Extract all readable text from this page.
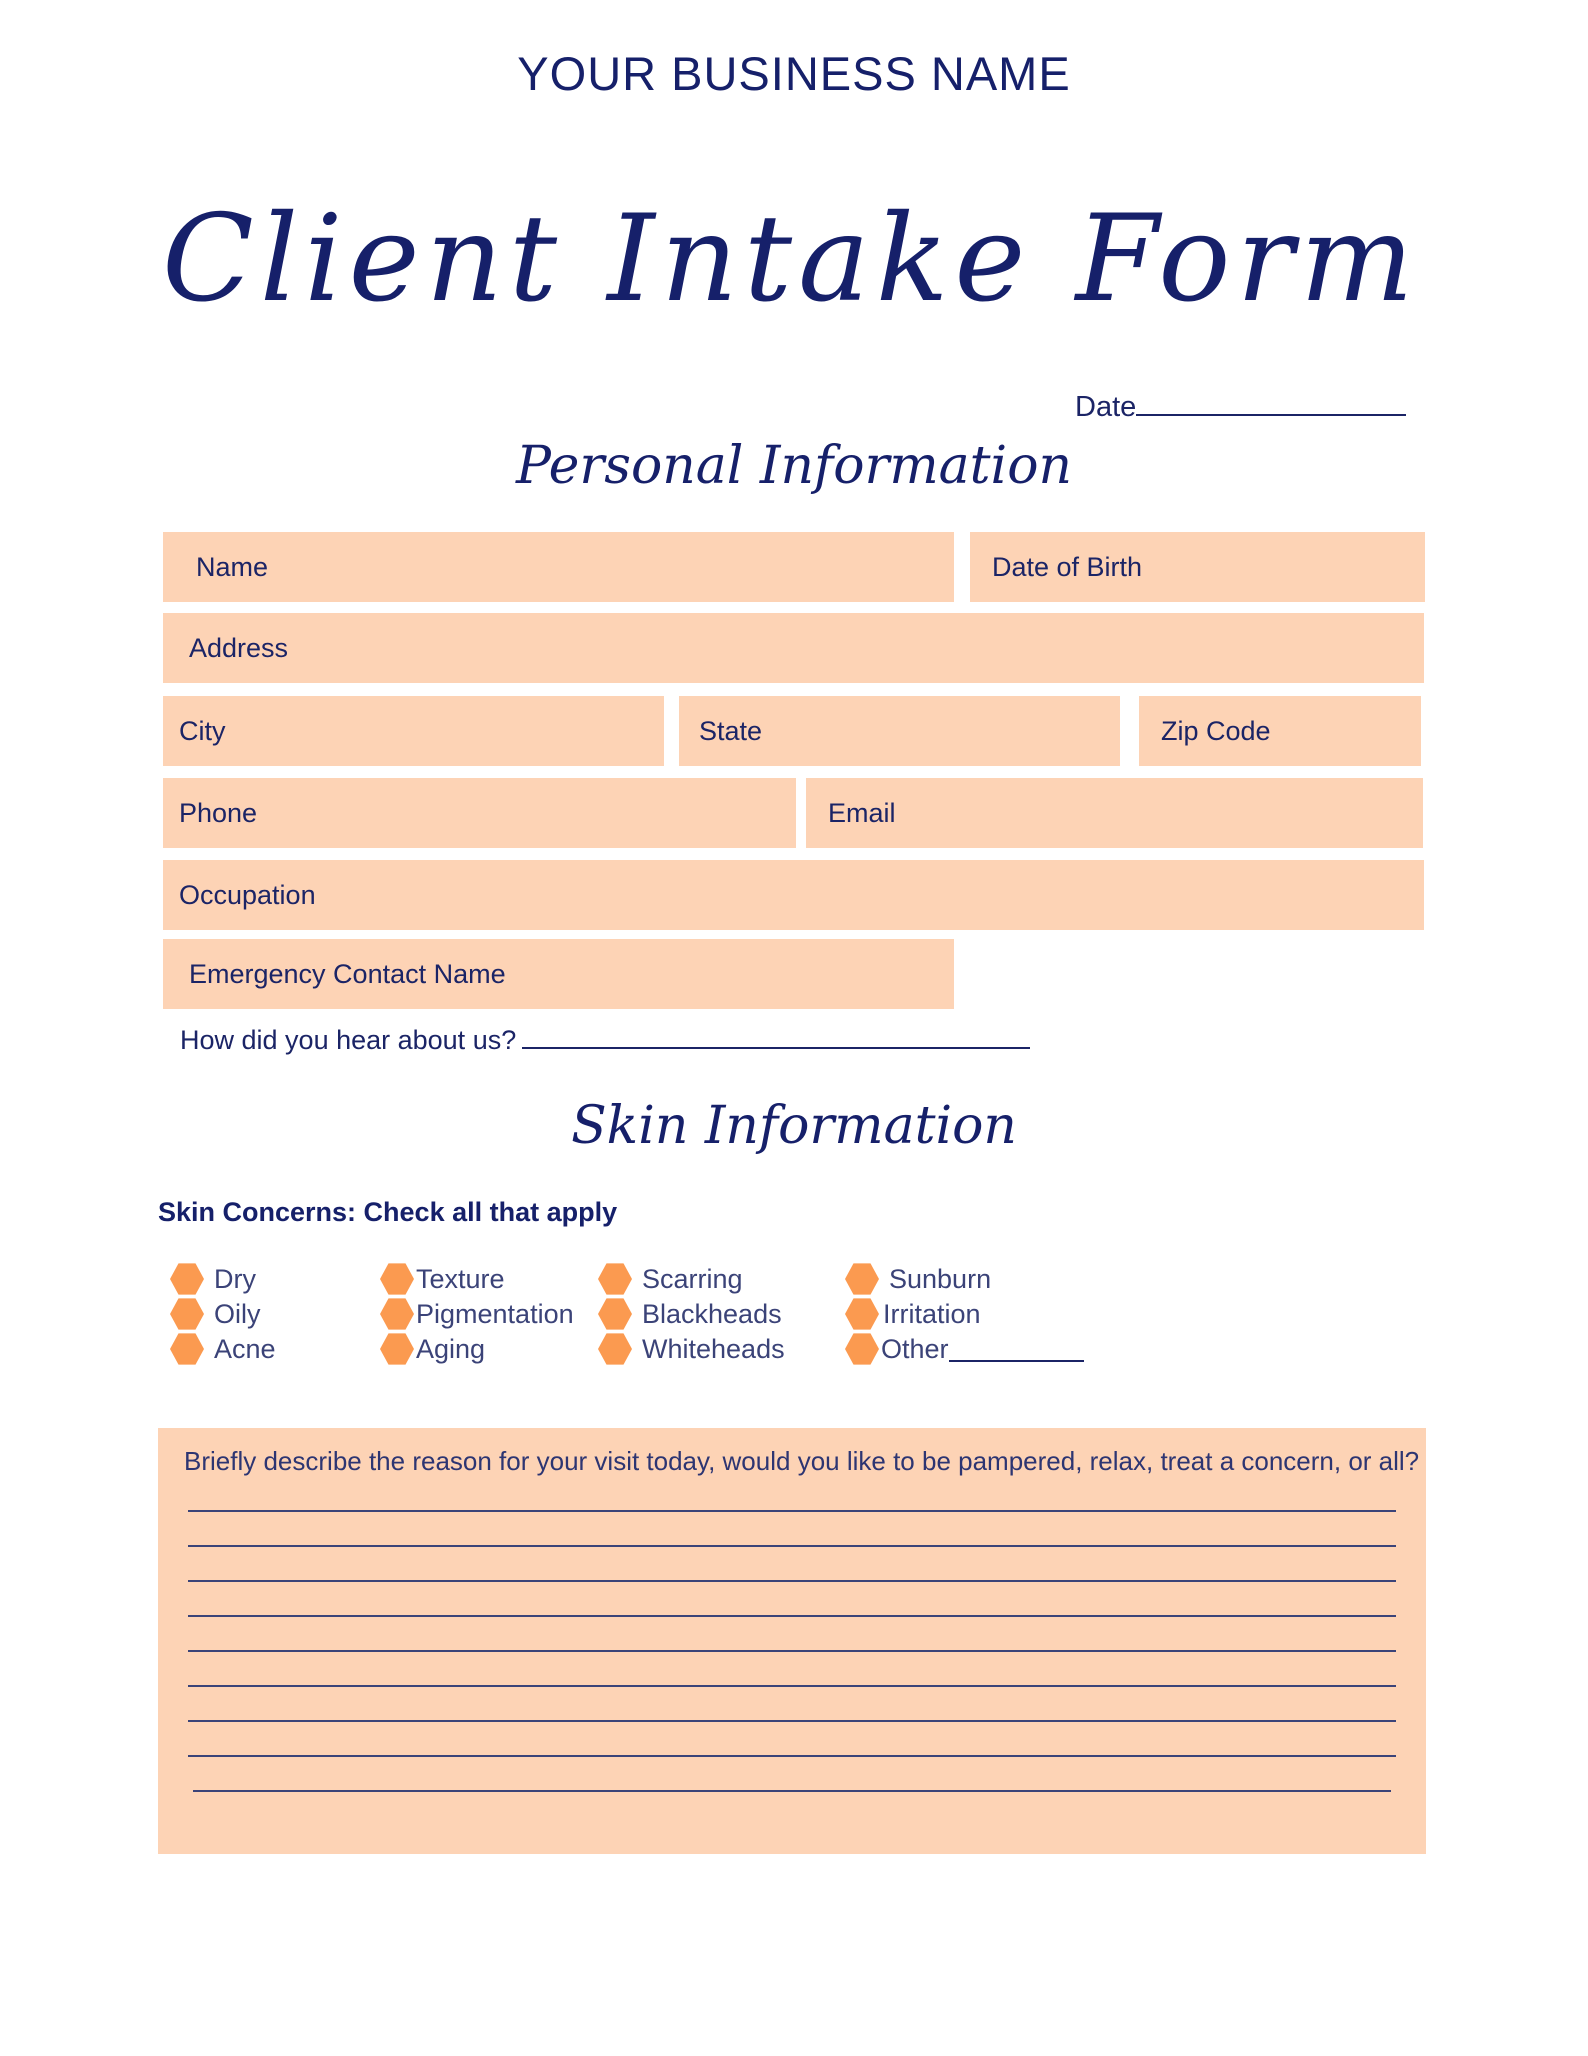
YOUR BUSINESS NAME
Client Intake Form
Date
Personal Information
Name	Date of Birth
Address
City	State	Zip Code
Phone	Email
Occupation
Emergency Contact Name
How did you hear about us?
Skin Information
Skin Concerns: Check all that apply
Dry
Oily
Acne
Texture
Pigmentation
Aging
Scarring
Blackheads
Whiteheads
Sunburn
Irritation
Other
Briefly describe the reason for your visit today, would you like to be pampered, relax, treat a concern, or all?
